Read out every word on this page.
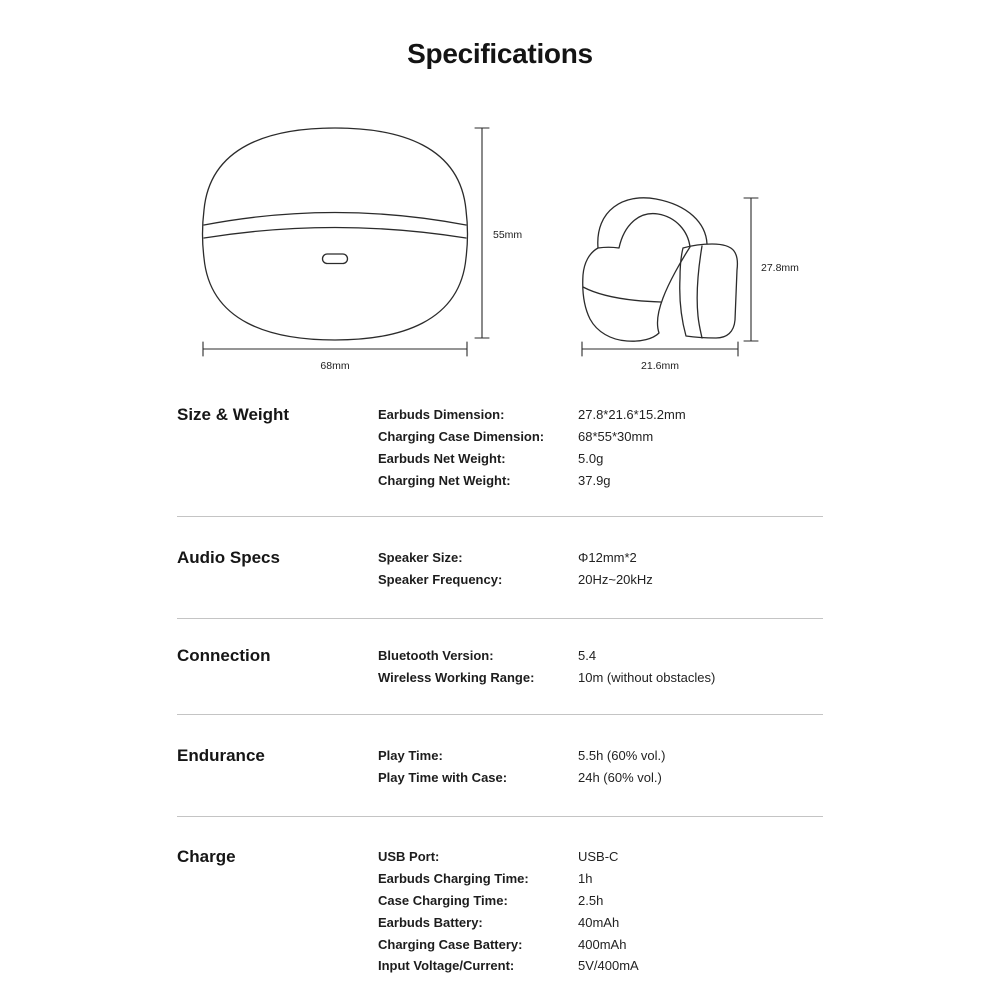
Specifications
55mm
68mm
27.8mm
21.6mm
Size & Weight	Earbuds Dimension:	27.8*21.6*15.2mm
Charging Case Dimension:	68*55*30mm
Earbuds Net Weight:	5.0g
Charging Net Weight:	37.9g
Audio Specs	Speaker Size:	Φ12mm*2
Speaker Frequency:	20Hz~20kHz
Connection	Bluetooth Version:	5.4
Wireless Working Range:	10m (without obstacles)
Endurance	Play Time:	5.5h (60% vol.)
Play Time with Case:	24h (60% vol.)
Charge	USB Port:	USB-C
Earbuds Charging Time:	1h
Case Charging Time:	2.5h
Earbuds Battery:	40mAh
Charging Case Battery:	400mAh
Input Voltage/Current:	5V/400mA
